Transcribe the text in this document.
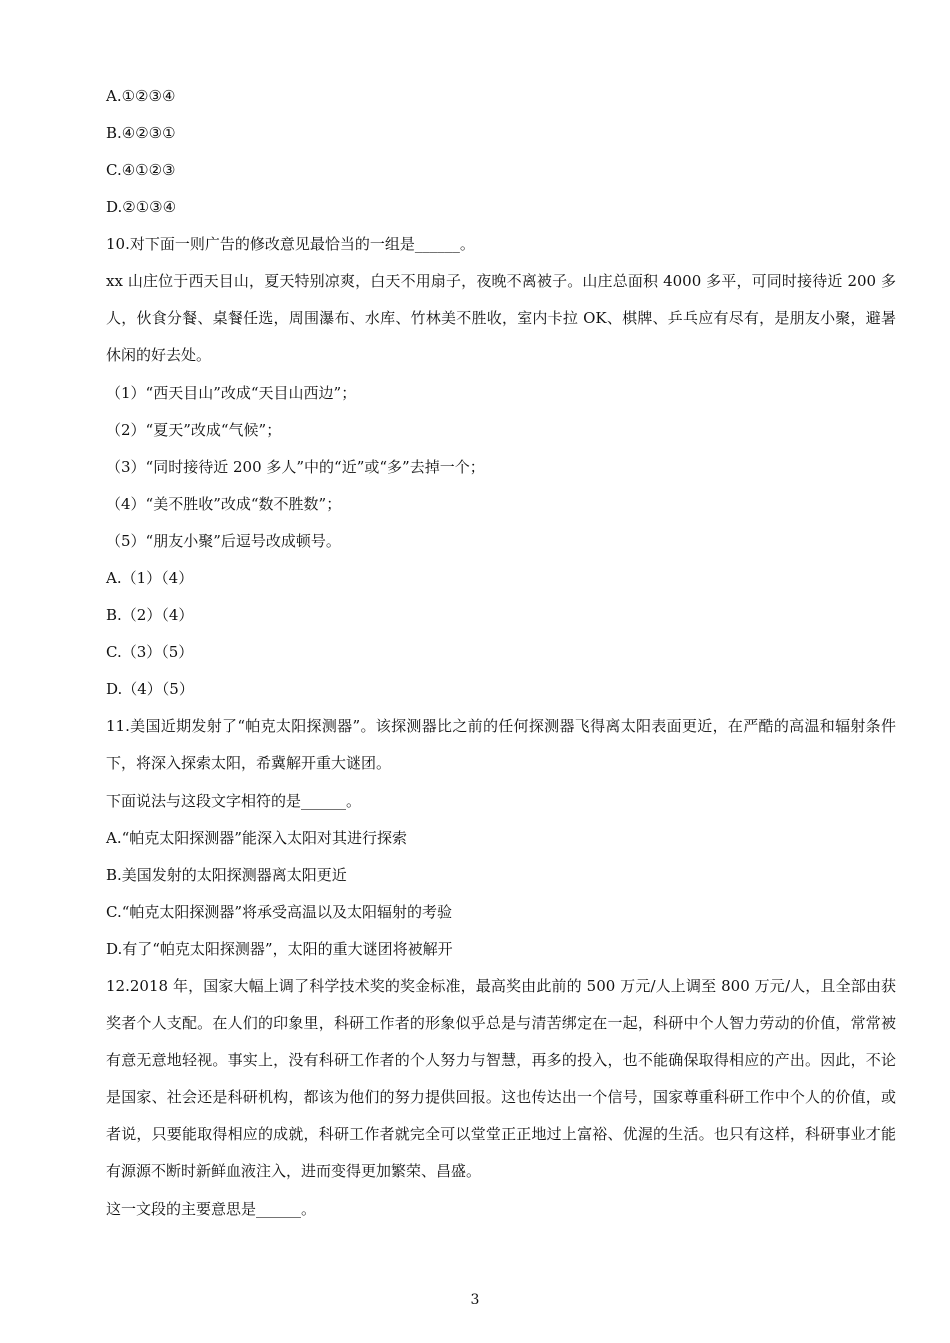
A.①②③④
B.④②③①
C.④①②③
D.②①③④
10.对下面一则广告的修改意见最恰当的一组是______。
xx 山庄位于西天目山，夏天特别凉爽，白天不用扇子，夜晚不离被子。山庄总面积 4000 多平，可同时接待近 200 多人，伙食分餐、桌餐任选，周围瀑布、水库、竹林美不胜收，室内卡拉 OK、棋牌、乒乓应有尽有，是朋友小聚，避暑休闲的好去处。
（1）“西天目山”改成“天目山西边”；
（2）“夏天”改成“气候”；
（3）“同时接待近 200 多人”中的“近”或“多”去掉一个；
（4）“美不胜收”改成“数不胜数”；
（5）“朋友小聚”后逗号改成顿号。
A.（1）（4）
B.（2）（4）
C.（3）（5）
D.（4）（5）
11.美国近期发射了“帕克太阳探测器”。该探测器比之前的任何探测器飞得离太阳表面更近，在严酷的高温和辐射条件下，将深入探索太阳，希冀解开重大谜团。
下面说法与这段文字相符的是______。
A.“帕克太阳探测器”能深入太阳对其进行探索
B.美国发射的太阳探测器离太阳更近
C.“帕克太阳探测器”将承受高温以及太阳辐射的考验
D.有了“帕克太阳探测器”，太阳的重大谜团将被解开
12.2018 年，国家大幅上调了科学技术奖的奖金标准，最高奖由此前的 500 万元/人上调至 800 万元/人，且全部由获奖者个人支配。在人们的印象里，科研工作者的形象似乎总是与清苦绑定在一起，科研中个人智力劳动的价值，常常被有意无意地轻视。事实上，没有科研工作者的个人努力与智慧，再多的投入，也不能确保取得相应的产出。因此，不论是国家、社会还是科研机构，都该为他们的努力提供回报。这也传达出一个信号，国家尊重科研工作中个人的价值，或者说，只要能取得相应的成就，科研工作者就完全可以堂堂正正地过上富裕、优渥的生活。也只有这样，科研事业才能有源源不断时新鲜血液注入，进而变得更加繁荣、昌盛。
这一文段的主要意思是______。
3
